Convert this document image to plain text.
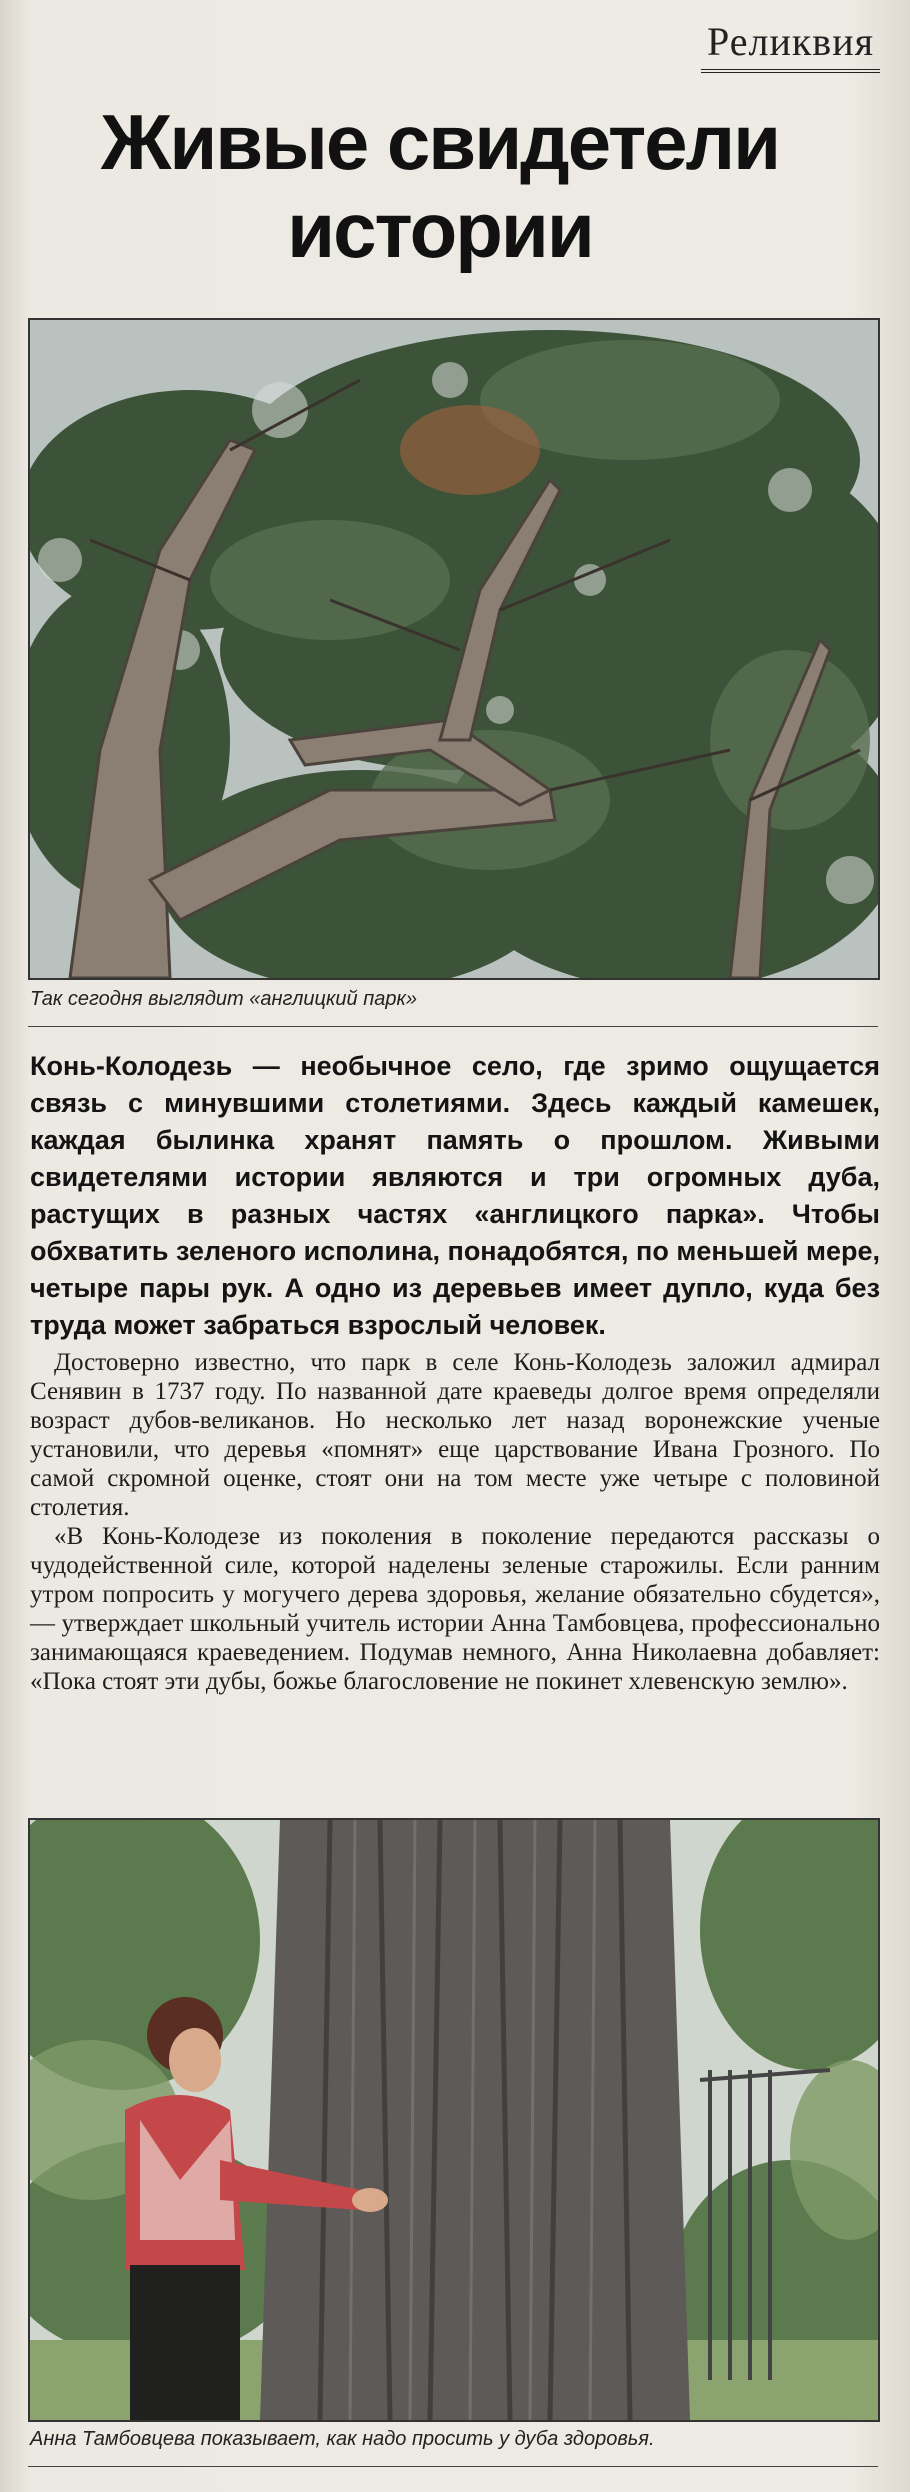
Реликвия
Живые свидетели истории
Так сегодня выглядит «англицкий парк»

Конь-Колодезь — необычное село, где зримо ощущается связь с минувшими столетиями. Здесь каждый камешек, каждая былинка хранят память о прошлом. Живыми свидетелями истории являются и три огромных дуба, растущих в разных частях «англицкого парка». Чтобы обхватить зеленого исполина, понадобятся, по меньшей мере, четыре пары рук. А одно из деревьев имеет дупло, куда без труда может забраться взрослый человек.

Достоверно известно, что парк в селе Конь-Колодезь заложил адмирал Сенявин в 1737 году. По названной дате краеведы долгое время определяли возраст дубов-великанов. Но несколько лет назад воронежские ученые установили, что деревья «помнят» еще царствование Ивана Грозного. По самой скромной оценке, стоят они на том месте уже четыре с половиной столетия.

«В Конь-Колодезе из поколения в поколение передаются рассказы о чудодейственной силе, которой наделены зеленые старожилы. Если ранним утром попросить у могучего дерева здоровья, желание обязательно сбудется», — утверждает школьный учитель истории Анна Тамбовцева, профессионально занимающаяся краеведением. Подумав немного, Анна Николаевна добавляет: «Пока стоят эти дубы, божье благословение не покинет хлевенскую землю».

Анна Тамбовцева показывает, как надо просить у дуба здоровья.
